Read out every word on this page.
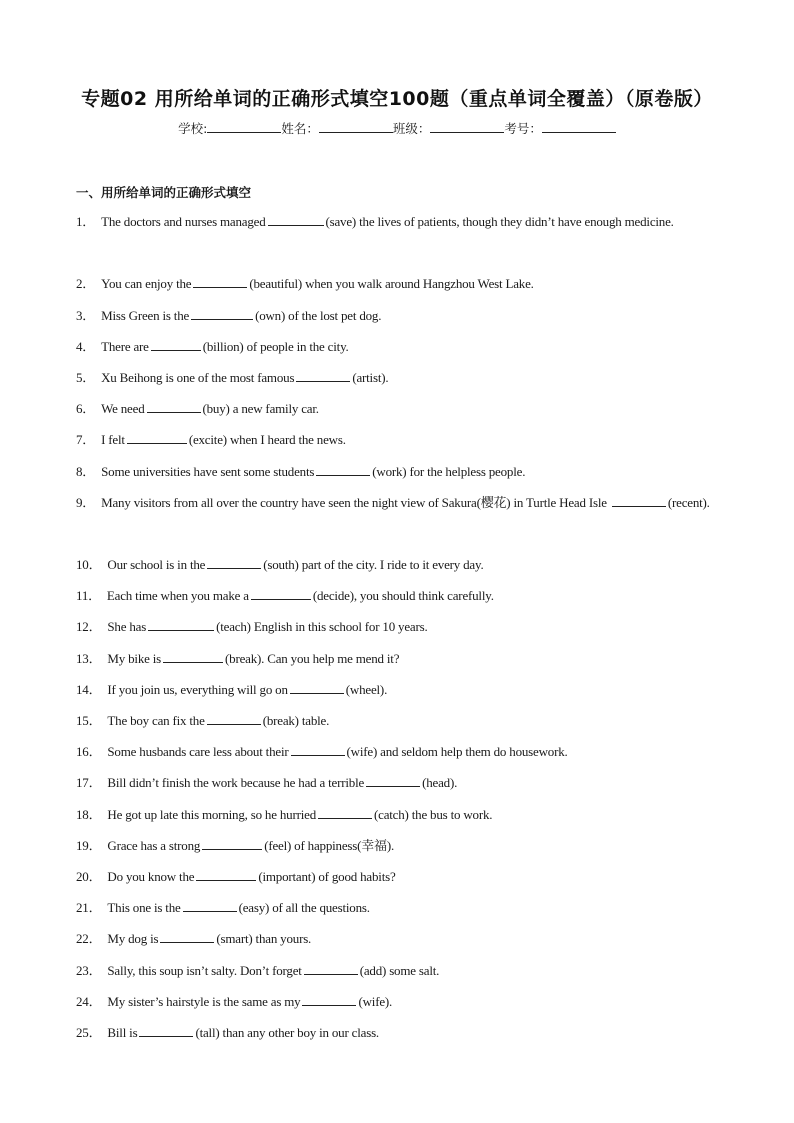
专题02 用所给单词的正确形式填空100题（重点单词全覆盖）（原卷版）
学校:	姓名：	班级：	考号：
一、用所给单词的正确形式填空
1． The doctors and nurses managed	(save) the lives of patients, though they didn’t have enough medicine.
2． You can enjoy the	(beautiful) when you walk around Hangzhou West Lake.
3． Miss Green is the	(own) of the lost pet dog.
4． There are	(billion) of people in the city.
5． Xu Beihong is one of the most famous	(artist).
6． We need	(buy) a new family car.
7． I felt	(excite) when I heard the news.
8． Some universities have sent some students	(work) for the helpless people.
9． Many visitors from all over the country have seen the night view of Sakura(樱花) in Turtle Head Isle	(recent).
10． Our school is in the	(south) part of the city. I ride to it every day.
11． Each time when you make a	(decide), you should think carefully.
12． She has	(teach) English in this school for 10 years.
13． My bike is	(break). Can you help me mend it?
14． If you join us, everything will go on	(wheel).
15． The boy can fix the	(break) table.
16． Some husbands care less about their	(wife) and seldom help them do housework.
17． Bill didn’t finish the work because he had a terrible	(head).
18． He got up late this morning, so he hurried	(catch) the bus to work.
19． Grace has a strong	(feel) of happiness(幸福).
20． Do you know the	(important) of good habits?
21． This one is the	(easy) of all the questions.
22． My dog is	(smart) than yours.
23． Sally, this soup isn’t salty. Don’t forget	(add) some salt.
24． My sister’s hairstyle is the same as my	(wife).
25． Bill is	(tall) than any other boy in our class.
